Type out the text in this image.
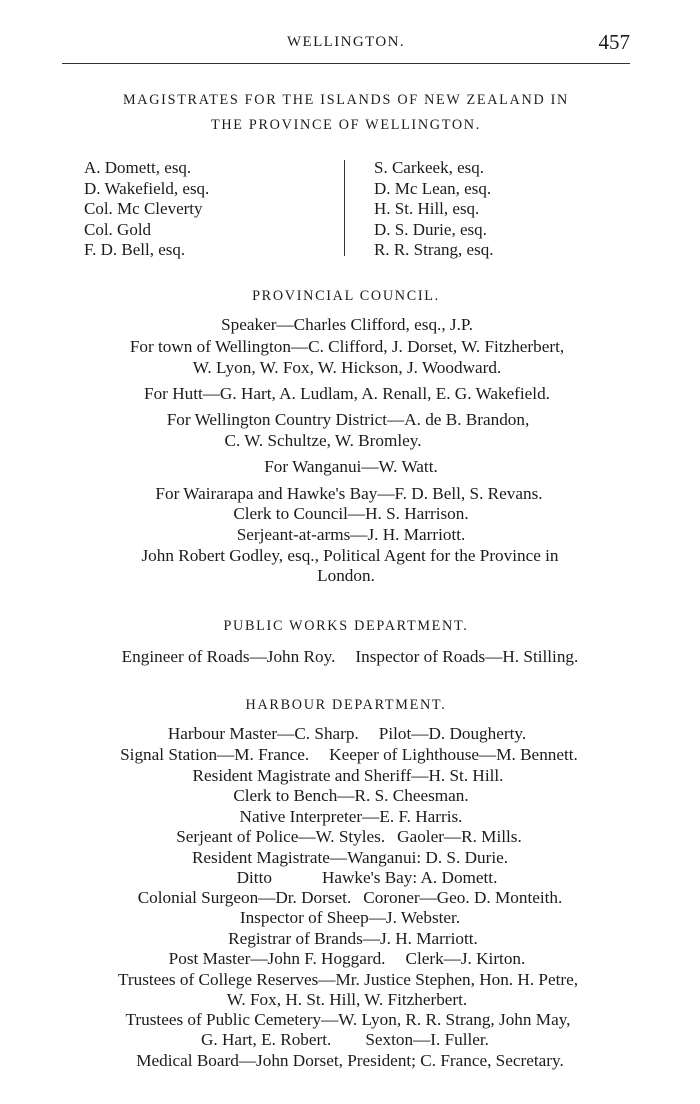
WELLINGTON.	457
MAGISTRATES FOR THE ISLANDS OF NEW ZEALAND IN
THE PROVINCE OF WELLINGTON.
A. Domett, esq.
D. Wakefield, esq.
Col. Mc Cleverty
Col. Gold
F. D. Bell, esq.
S. Carkeek, esq.
D. Mc Lean, esq.
H. St. Hill, esq.
D. S. Durie, esq.
R. R. Strang, esq.
PROVINCIAL COUNCIL.
Speaker—Charles Clifford, esq., J.P.
For town of Wellington—C. Clifford, J. Dorset, W. Fitzherbert,
W. Lyon, W. Fox, W. Hickson, J. Woodward.
For Hutt—G. Hart, A. Ludlam, A. Renall, E. G. Wakefield.
For Wellington Country District—A. de B. Brandon,
C. W. Schultze, W. Bromley.
For Wanganui—W. Watt.
For Wairarapa and Hawke's Bay—F. D. Bell, S. Revans.
Clerk to Council—H. S. Harrison.
Serjeant-at-arms—J. H. Marriott.
John Robert Godley, esq., Political Agent for the Province in
London.
PUBLIC WORKS DEPARTMENT.
Engineer of Roads—John Roy. Inspector of Roads—H. Stilling.
HARBOUR DEPARTMENT.
Harbour Master—C. Sharp. Pilot—D. Dougherty.
Signal Station—M. France. Keeper of Lighthouse—M. Bennett.
Resident Magistrate and Sheriff—H. St. Hill.
Clerk to Bench—R. S. Cheesman.
Native Interpreter—E. F. Harris.
Serjeant of Police—W. Styles. Gaoler—R. Mills.
Resident Magistrate—Wanganui: D. S. Durie.
Ditto	Hawke's Bay: A. Domett.
Colonial Surgeon—Dr. Dorset. Coroner—Geo. D. Monteith.
Inspector of Sheep—J. Webster.
Registrar of Brands—J. H. Marriott.
Post Master—John F. Hoggard. Clerk—J. Kirton.
Trustees of College Reserves—Mr. Justice Stephen, Hon. H. Petre,
W. Fox, H. St. Hill, W. Fitzherbert.
Trustees of Public Cemetery—W. Lyon, R. R. Strang, John May,
G. Hart, E. Robert. Sexton—I. Fuller.
Medical Board—John Dorset, President; C. France, Secretary.
